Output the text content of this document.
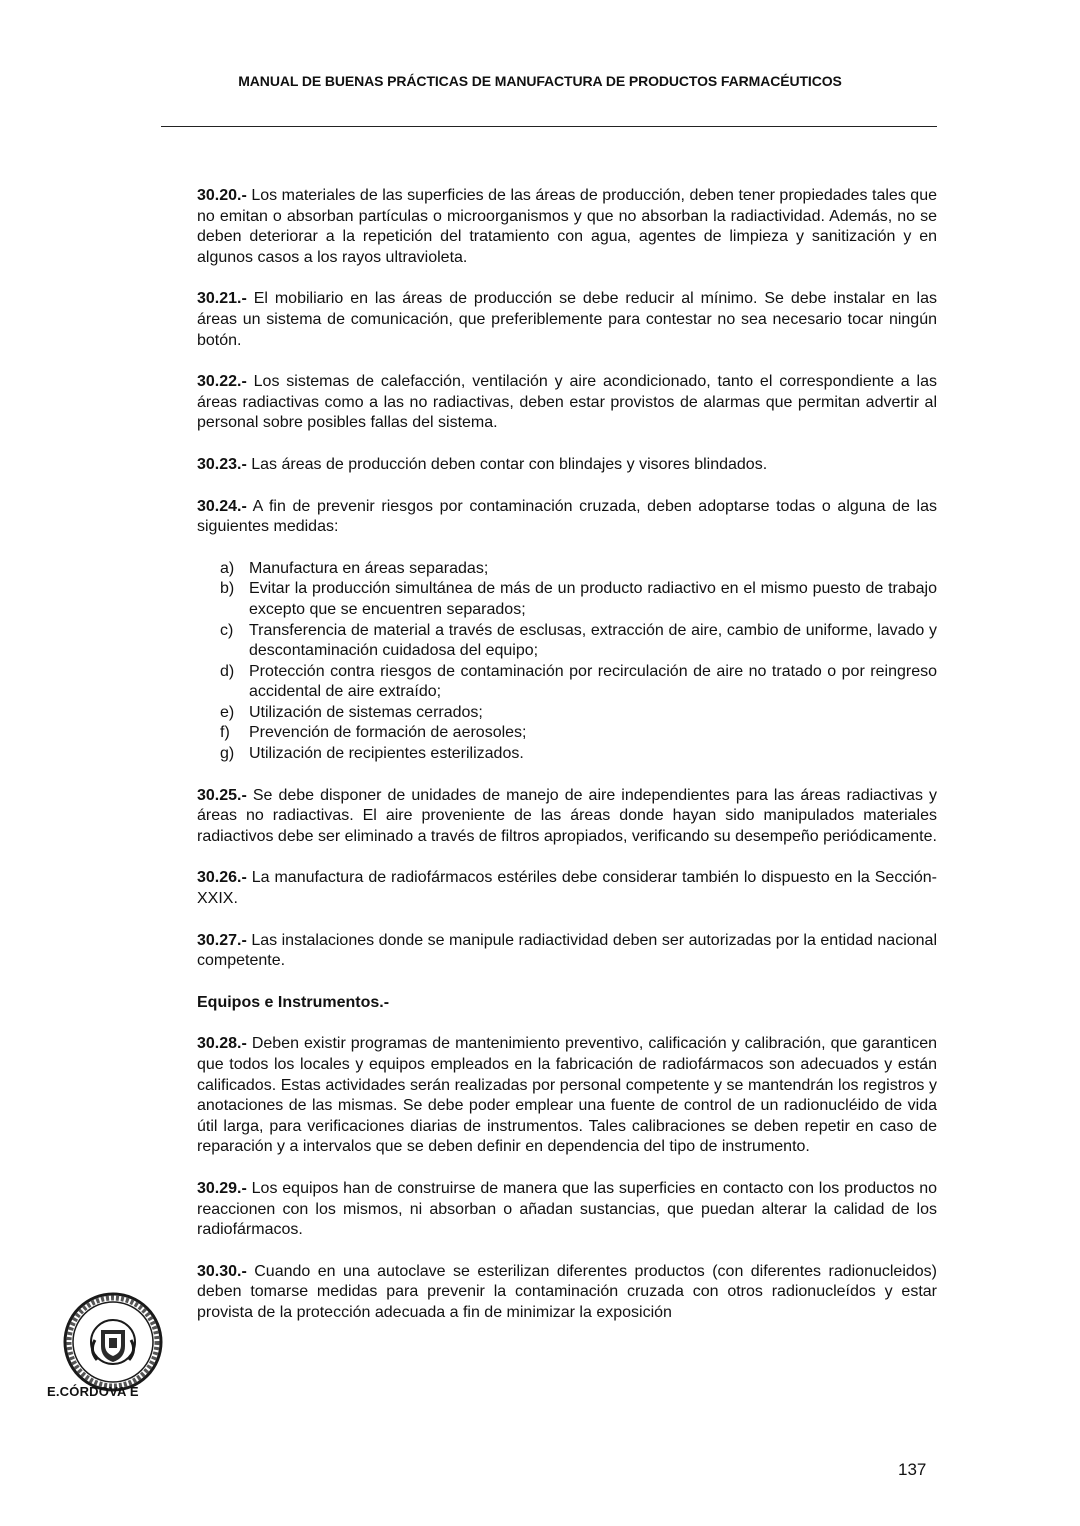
MANUAL DE BUENAS PRÁCTICAS DE MANUFACTURA DE PRODUCTOS FARMACÉUTICOS

30.20.- Los materiales de las superficies de las áreas de producción, deben tener propiedades tales que no emitan o absorban partículas o microorganismos y que no absorban la radiactividad. Además, no se deben deteriorar a la repetición del tratamiento con agua, agentes de limpieza y sanitización y en algunos casos a los rayos ultravioleta.

30.21.- El mobiliario en las áreas de producción se debe reducir al mínimo. Se debe instalar en las áreas un sistema de comunicación, que preferiblemente para contestar no sea necesario tocar ningún botón.

30.22.- Los sistemas de calefacción, ventilación y aire acondicionado, tanto el correspondiente a las áreas radiactivas como a las no radiactivas, deben estar provistos de alarmas que permitan advertir al personal sobre posibles fallas del sistema.

30.23.- Las áreas de producción deben contar con blindajes y visores blindados.

30.24.- A fin de prevenir riesgos por contaminación cruzada, deben adoptarse todas o alguna de las siguientes medidas:

a) Manufactura en áreas separadas;
b) Evitar la producción simultánea de más de un producto radiactivo en el mismo puesto de trabajo excepto que se encuentren separados;
c) Transferencia de material a través de esclusas, extracción de aire, cambio de uniforme, lavado y descontaminación cuidadosa del equipo;
d) Protección contra riesgos de contaminación por recirculación de aire no tratado o por reingreso accidental de aire extraído;
e) Utilización de sistemas cerrados;
f)	Prevención de formación de aerosoles;
g) Utilización de recipientes esterilizados.

30.25.- Se debe disponer de unidades de manejo de aire independientes para las áreas radiactivas y áreas no radiactivas. El aire proveniente de las áreas donde hayan sido manipulados materiales radiactivos debe ser eliminado a través de filtros apropiados, verificando su desempeño periódicamente.

30.26.- La manufactura de radiofármacos estériles debe considerar también lo dispuesto en la Sección-XXIX.

30.27.- Las instalaciones donde se manipule radiactividad deben ser autorizadas por la entidad nacional competente.

Equipos e Instrumentos.-

30.28.- Deben existir programas de mantenimiento preventivo, calificación y calibración, que garanticen que todos los locales y equipos empleados en la fabricación de radiofármacos son adecuados y están calificados. Estas actividades serán realizadas por personal competente y se mantendrán los registros y anotaciones de las mismas. Se debe poder emplear una fuente de control de un radionucléido de vida útil larga, para verificaciones diarias de instrumentos. Tales calibraciones se deben repetir en caso de reparación y a intervalos que se deben definir en dependencia del tipo de instrumento.

30.29.- Los equipos han de construirse de manera que las superficies en contacto con los productos no reaccionen con los mismos, ni absorban o añadan sustancias, que puedan alterar la calidad de los radiofármacos.

30.30.- Cuando en una autoclave se esterilizan diferentes productos (con diferentes radionucleidos) deben tomarse medidas para prevenir la contaminación cruzada con otros radionucleídos y estar provista de la protección adecuada a fin de minimizar la exposición

E.CÓRDOVA E
137
